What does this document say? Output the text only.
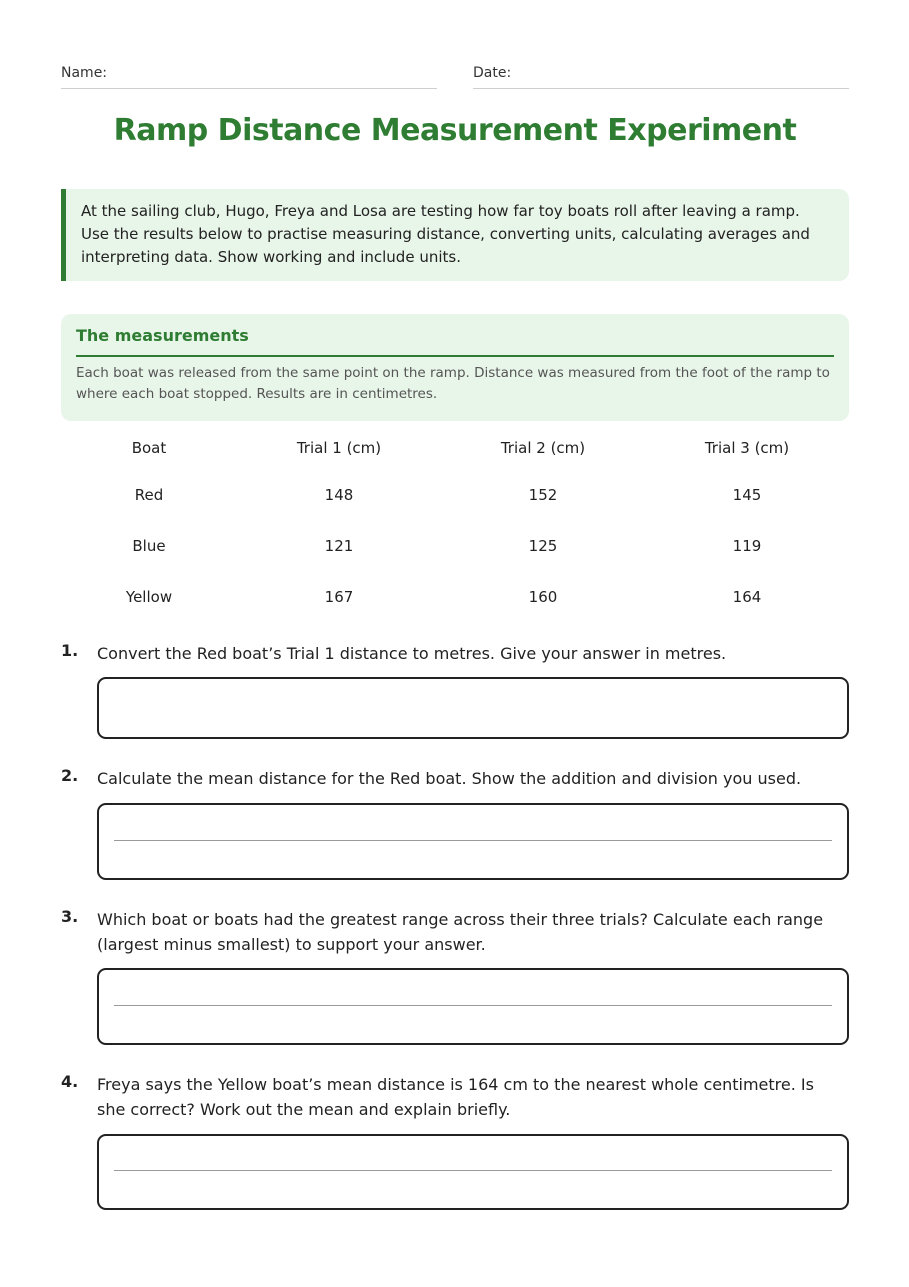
Name:	Date:
Ramp Distance Measurement Experiment
At the sailing club, Hugo, Freya and Losa are testing how far toy boats roll after leaving a ramp. Use the results below to practise measuring distance, converting units, calculating averages and interpreting data. Show working and include units.
The measurements

Each boat was released from the same point on the ramp. Distance was measured from the foot of the ramp to where each boat stopped. Results are in centimetres.

Boat	Trial 1 (cm)	Trial 2 (cm)	Trial 3 (cm)
Red	148	152	145
Blue	121	125	119
Yellow	167	160	164
1. Convert the Red boat’s Trial 1 distance to metres. Give your answer in metres.
2. Calculate the mean distance for the Red boat. Show the addition and division you used.
3. Which boat or boats had the greatest range across their three trials? Calculate each range (largest minus smallest) to support your answer.
4. Freya says the Yellow boat’s mean distance is 164 cm to the nearest whole centimetre. Is she correct? Work out the mean and explain briefly.
